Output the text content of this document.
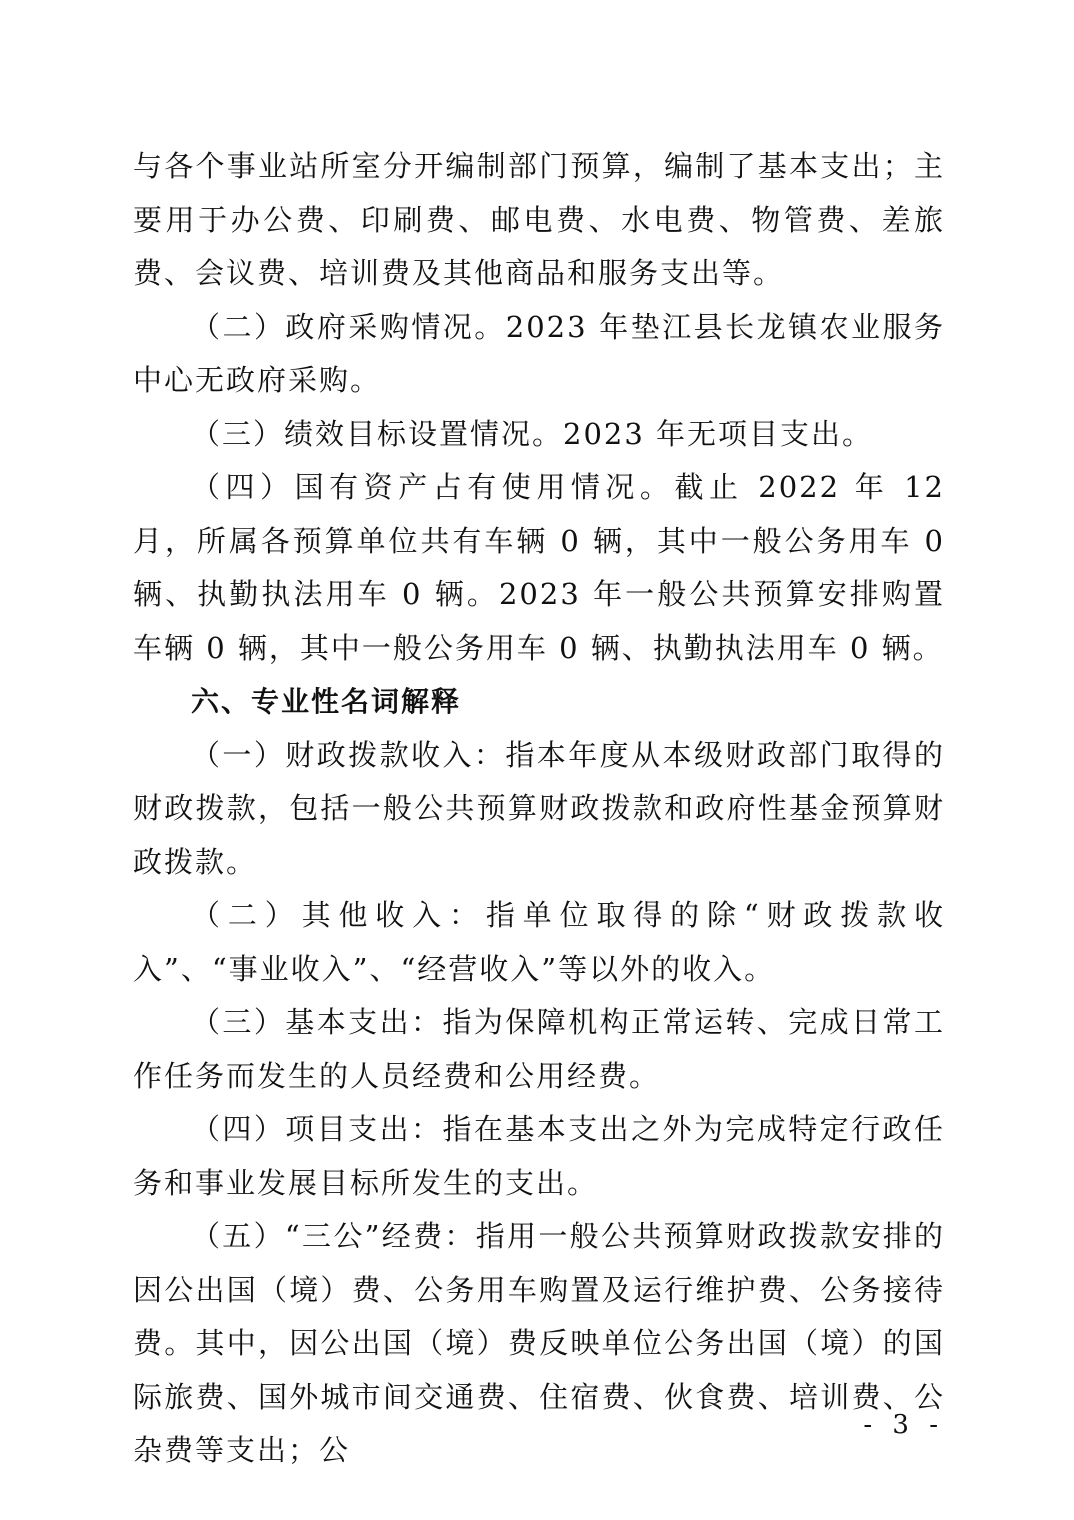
与各个事业站所室分开编制部门预算，编制了基本支出；主要用于办公费、印刷费、邮电费、水电费、物管费、差旅费、会议费、培训费及其他商品和服务支出等。

（二）政府采购情况。2023 年垫江县长龙镇农业服务中心无政府采购。

（三）绩效目标设置情况。2023 年无项目支出。

（四）国有资产占有使用情况。截止 2022 年 12 月，所属各预算单位共有车辆 0 辆，其中一般公务用车 0 辆、执勤执法用车 0 辆。2023 年一般公共预算安排购置车辆 0 辆，其中一般公务用车 0 辆、执勤执法用车 0 辆。

六、专业性名词解释

（一）财政拨款收入：指本年度从本级财政部门取得的财政拨款，包括一般公共预算财政拨款和政府性基金预算财政拨款。

（二）其他收入：指单位取得的除“财政拨款收入”、“事业收入”、“经营收入”等以外的收入。

（三）基本支出：指为保障机构正常运转、完成日常工作任务而发生的人员经费和公用经费。

（四）项目支出：指在基本支出之外为完成特定行政任务和事业发展目标所发生的支出。

（五）“三公”经费：指用一般公共预算财政拨款安排的因公出国（境）费、公务用车购置及运行维护费、公务接待费。其中，因公出国（境）费反映单位公务出国（境）的国际旅费、国外城市间交通费、住宿费、伙食费、培训费、公杂费等支出；公

- 3 -
